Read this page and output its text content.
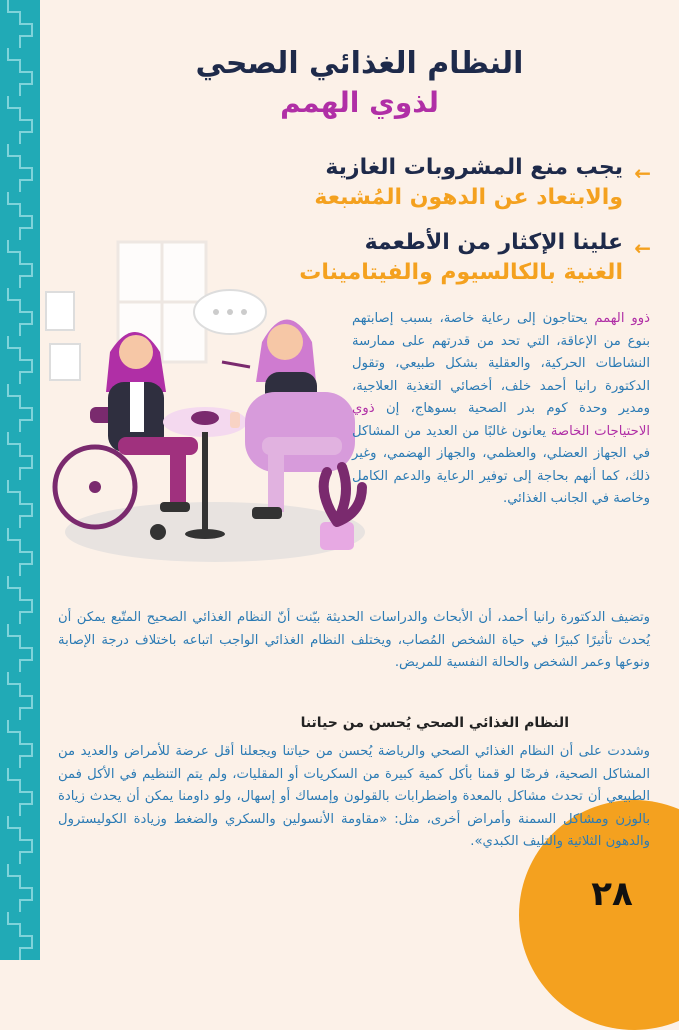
٢٨
النظام الغذائي الصحي
لذوي الهمم
←
يجب منع المشروبات الغازية
والابتعاد عن الدهون المُشبعة
←
علينا الإكثار من الأطعمة
الغنية بالكالسيوم والفيتامينات
ذوو الهمم يحتاجون إلى رعاية خاصة، بسبب إصابتهم بنوع من الإعاقة، التي تحد من قدرتهم على ممارسة النشاطات الحركية، والعقلية بشكل طبيعي، وتقول الدكتورة رانيا أحمد خلف، أخصائي التغذية العلاجية، ومدير وحدة كوم بدر الصحية بسوهاج، إن ذوي الاحتياجات الخاصة يعانون غالبًا من العديد من المشاكل في الجهاز العضلي، والعظمي، والجهاز الهضمي، وغير ذلك، كما أنهم بحاجة إلى توفير الرعاية والدعم الكامل وخاصة في الجانب الغذائي.
وتضيف الدكتورة رانيا أحمد، أن الأبحاث والدراسات الحديثة بيّنت أنّ النظام الغذائي الصحيح المتّبع يمكن أن يُحدث تأثيرًا كبيرًا في حياة الشخص المُصاب، ويختلف النظام الغذائي الواجب اتباعه باختلاف درجة الإصابة ونوعها وعمر الشخص والحالة النفسية للمريض.
النظام الغذائي الصحي يُحسن من حياتنا
وشددت على أن النظام الغذائي الصحي والرياضة يُحسن من حياتنا ويجعلنا أقل عرضة للأمراض والعديد من المشاكل الصحية، فرضًا لو قمنا بأكل كمية كبيرة من السكريات أو المقليات، ولم يتم التنظيم في الأكل فمن الطبيعي أن تحدث مشاكل بالمعدة واضطرابات بالقولون وإمساك أو إسهال، ولو داومنا يمكن أن يحدث زيادة بالوزن ومشاكل السمنة وأمراض أخرى، مثل: «مقاومة الأنسولين والسكري والضغط وزيادة الكوليسترول والدهون الثلاثية والتليف الكبدي».
